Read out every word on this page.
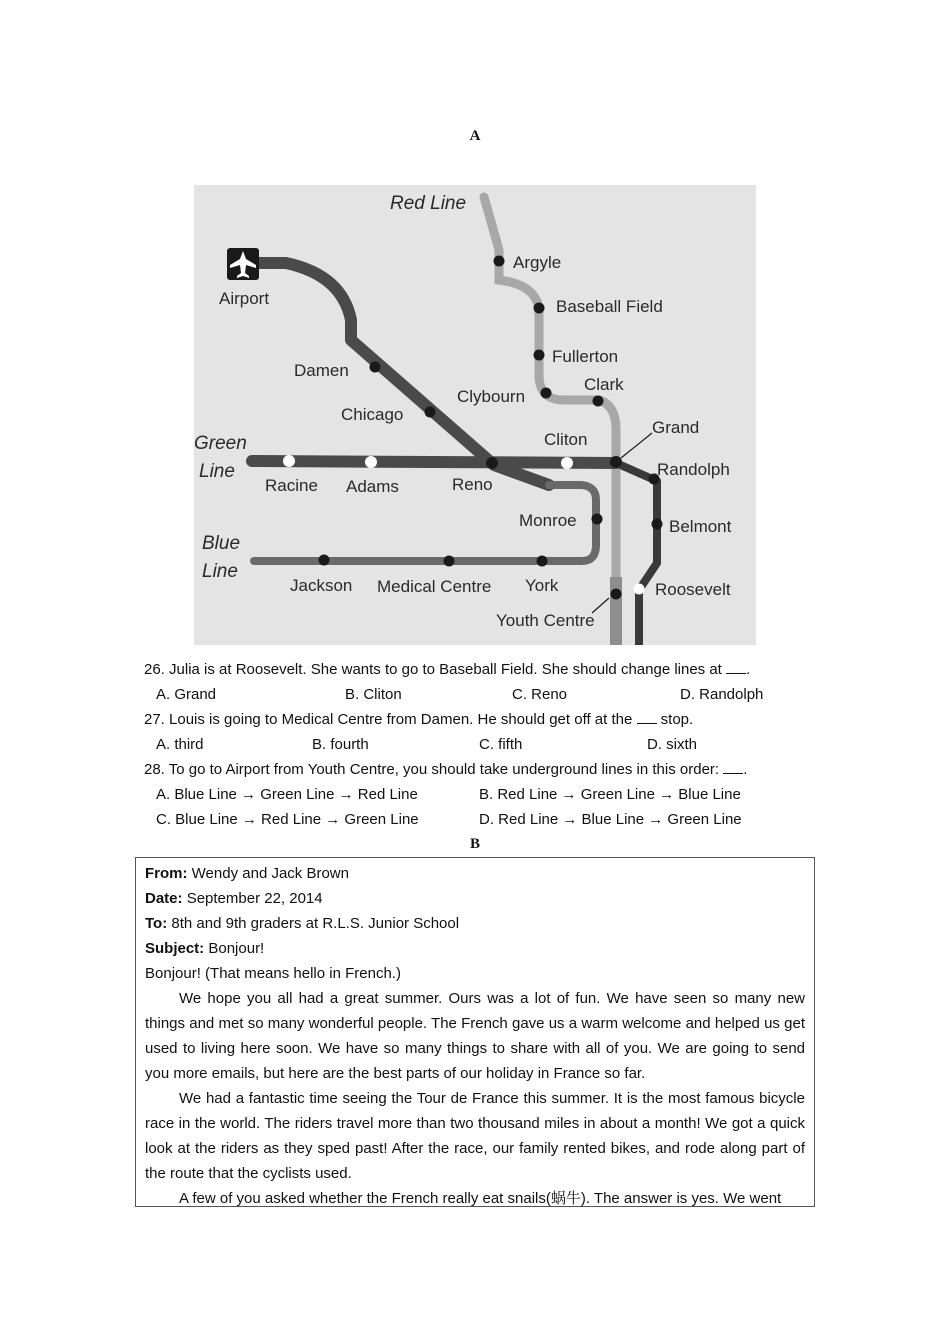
A
Red Line
Green
Line
Blue
Line
Airport
Argyle
Baseball Field
Fullerton
Clark
Clybourn
Damen
Chicago
Grand
Cliton
Randolph
Racine Adams	Reno
Monroe	Belmont
Roosevelt
Jackson Medical Centre York
Youth Centre
26. Julia is at Roosevelt. She wants to go to Baseball Field. She should change lines at .
A. Grand	B. Cliton	C. Reno	D. Randolph
27. Louis is going to Medical Centre from Damen. He should get off at the  stop.
A. third	B. fourth	C. fifth	D. sixth
28. To go to Airport from Youth Centre, you should take underground lines in this order: .
A. Blue Line → Green Line → Red Line	B. Red Line → Green Line → Blue Line
C. Blue Line → Red Line → Green Line	D. Red Line → Blue Line → Green Line
B
From: Wendy and Jack Brown
Date: September 22, 2014
To: 8th and 9th graders at R.L.S. Junior School
Subject: Bonjour!
Bonjour! (That means hello in French.)

We hope you all had a great summer. Ours was a lot of fun. We have seen so many new things and met so many wonderful people. The French gave us a warm welcome and helped us get used to living here soon. We have so many things to share with all of you. We are going to send you more emails, but here are the best parts of our holiday in France so far.

We had a fantastic time seeing the Tour de France this summer. It is the most famous bicycle race in the world. The riders travel more than two thousand miles in about a month! We got a quick look at the riders as they sped past! After the race, our family rented bikes, and rode along part of the route that the cyclists used.

A few of you asked whether the French really eat snails(蜗牛). The answer is yes. We went
